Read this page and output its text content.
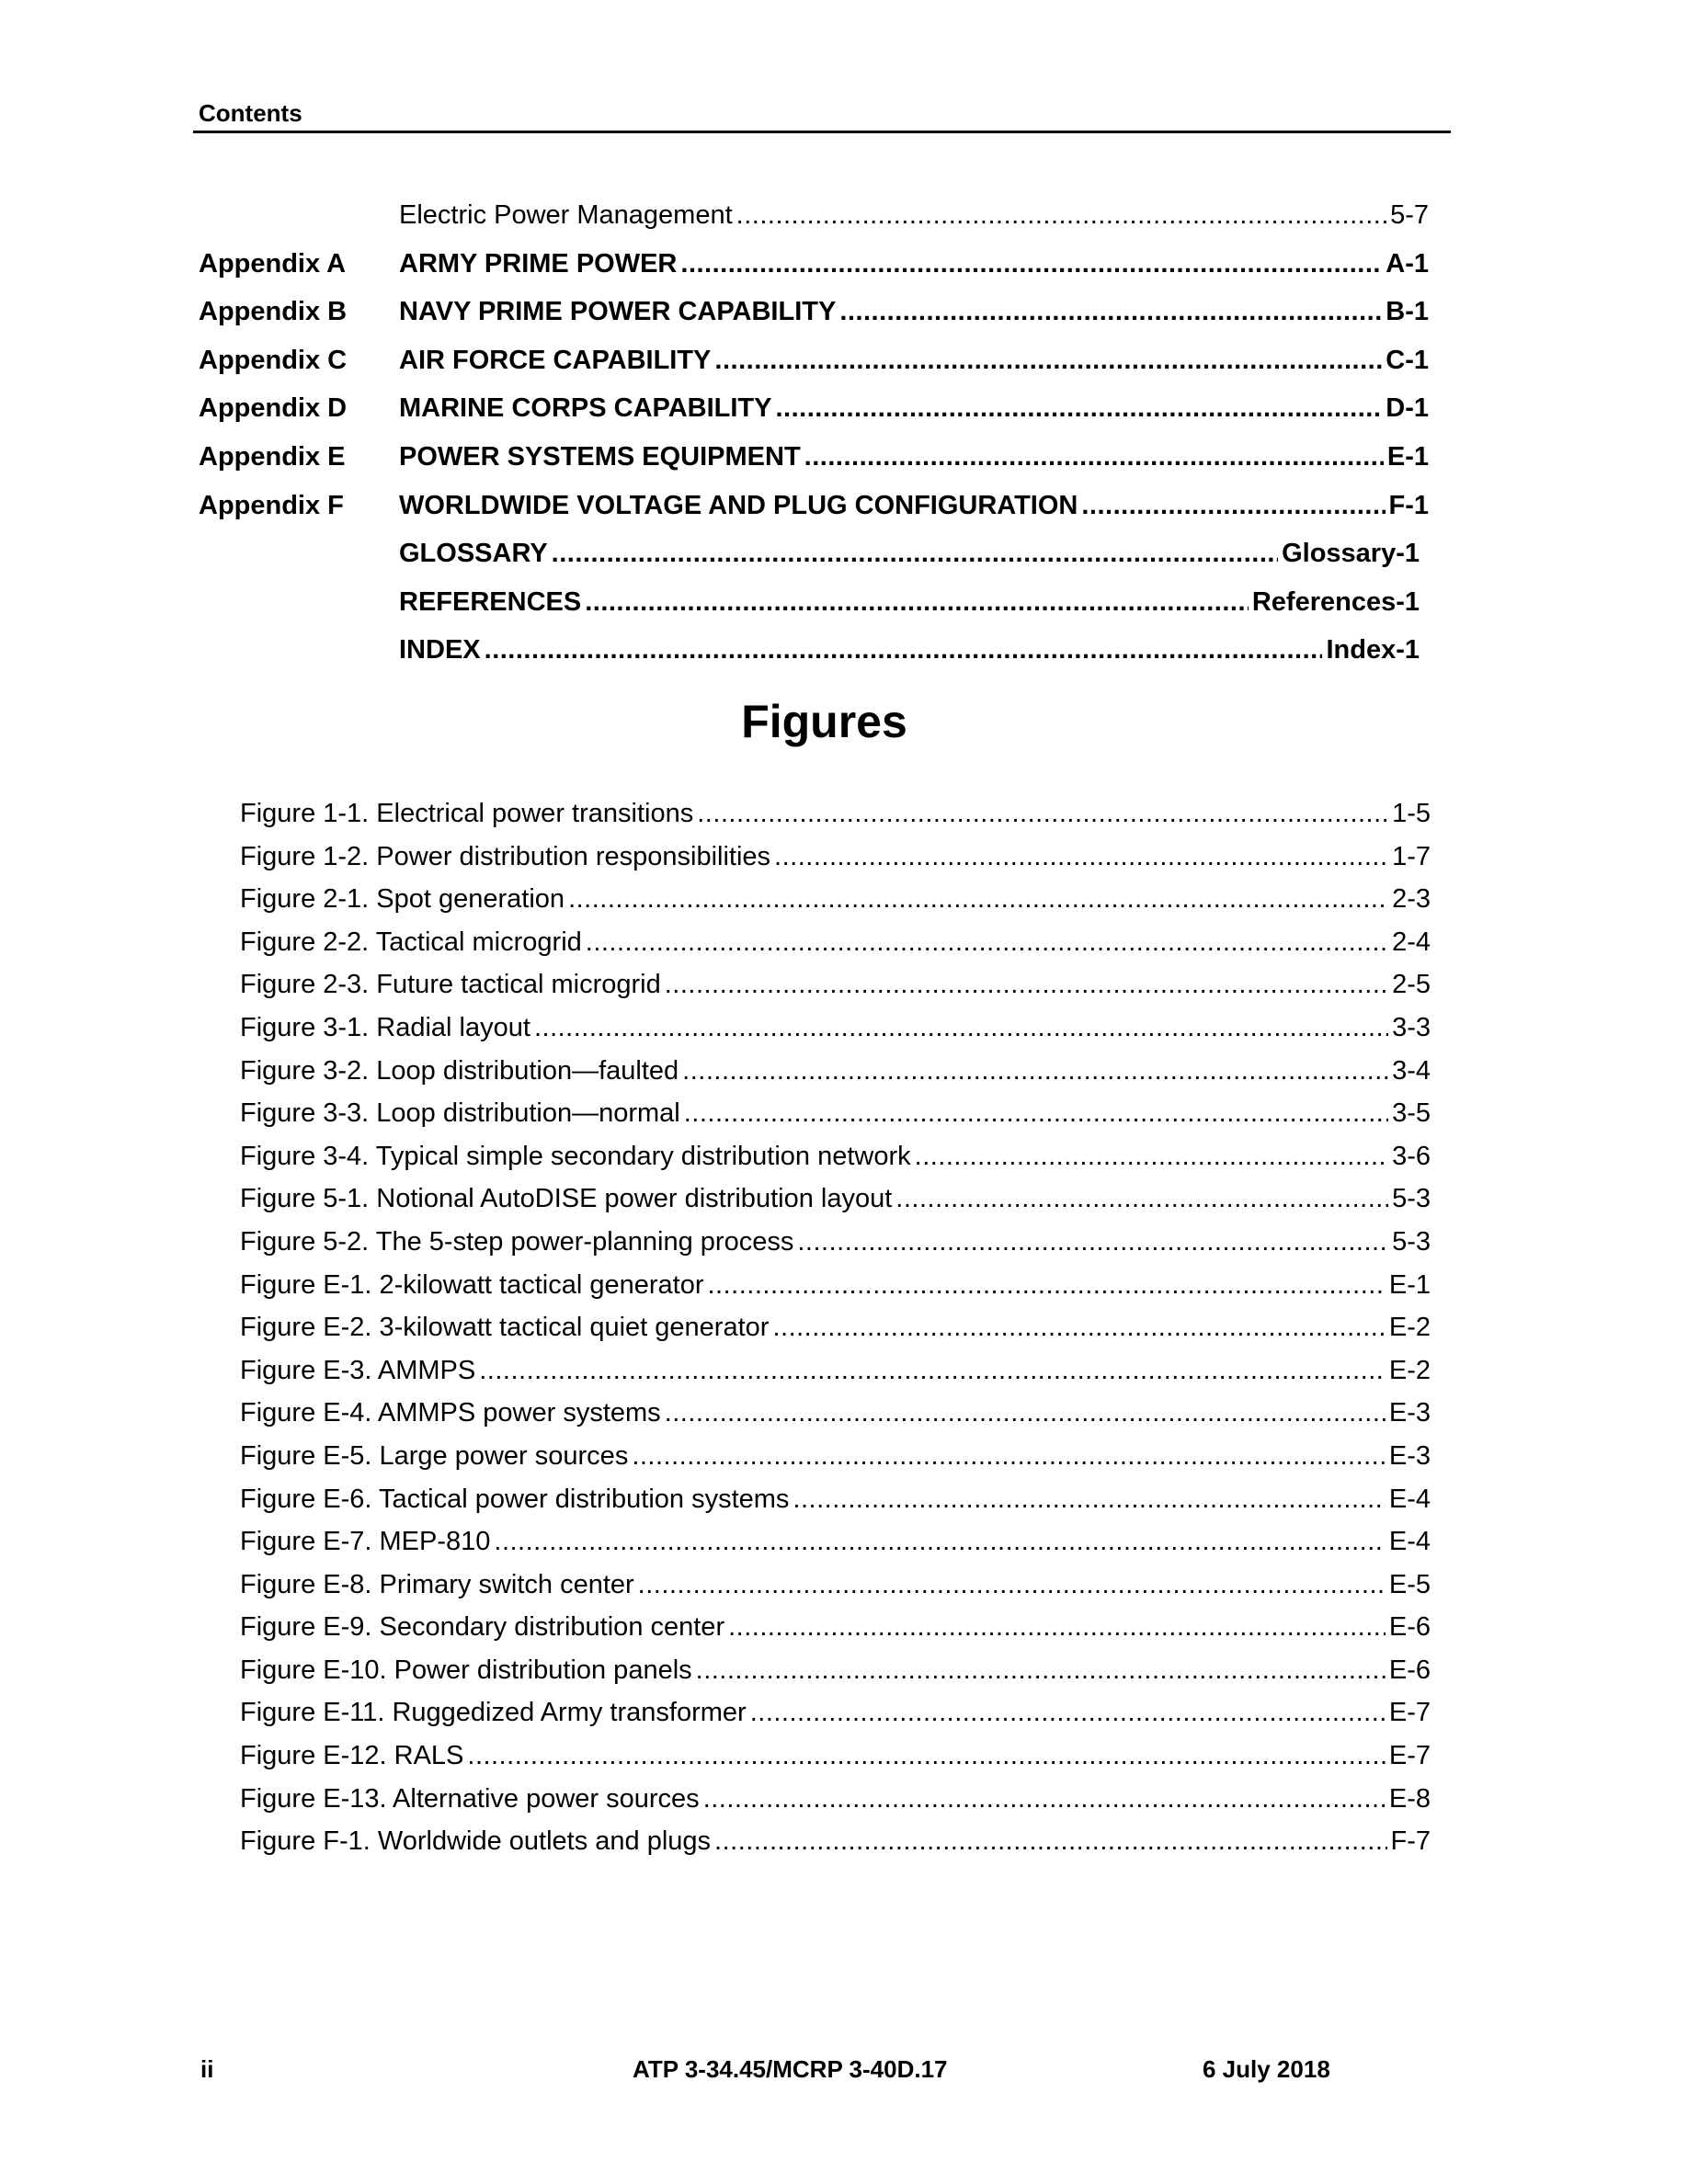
Contents
Electric Power Management .....	5-7
Appendix A ARMY PRIME POWER .....	A-1
Appendix B NAVY PRIME POWER CAPABILITY .....	B-1
Appendix C AIR FORCE CAPABILITY .....	C-1
Appendix D MARINE CORPS CAPABILITY .....	D-1
Appendix E POWER SYSTEMS EQUIPMENT .....	E-1
Appendix F WORLDWIDE VOLTAGE AND PLUG CONFIGURATION .....	F-1
GLOSSARY .....	Glossary-1
REFERENCES .....	References-1
INDEX .....	Index-1
Figures
Figure 1-1. Electrical power transitions .....	1-5
Figure 1-2. Power distribution responsibilities .....	1-7
Figure 2-1. Spot generation .....	2-3
Figure 2-2. Tactical microgrid .....	2-4
Figure 2-3. Future tactical microgrid .....	2-5
Figure 3-1. Radial layout .....	3-3
Figure 3-2. Loop distribution—faulted .....	3-4
Figure 3-3. Loop distribution—normal .....	3-5
Figure 3-4. Typical simple secondary distribution network .....	3-6
Figure 5-1. Notional AutoDISE power distribution layout .....	5-3
Figure 5-2. The 5-step power-planning process .....	5-3
Figure E-1. 2-kilowatt tactical generator .....	E-1
Figure E-2. 3-kilowatt tactical quiet generator .....	E-2
Figure E-3. AMMPS .....	E-2
Figure E-4. AMMPS power systems .....	E-3
Figure E-5. Large power sources .....	E-3
Figure E-6. Tactical power distribution systems .....	E-4
Figure E-7. MEP-810 .....	E-4
Figure E-8. Primary switch center .....	E-5
Figure E-9. Secondary distribution center .....	E-6
Figure E-10. Power distribution panels .....	E-6
Figure E-11. Ruggedized Army transformer .....	E-7
Figure E-12. RALS .....	E-7
Figure E-13. Alternative power sources .....	E-8
Figure F-1. Worldwide outlets and plugs .....	F-7
ii	ATP 3-34.45/MCRP 3-40D.17	6 July 2018
